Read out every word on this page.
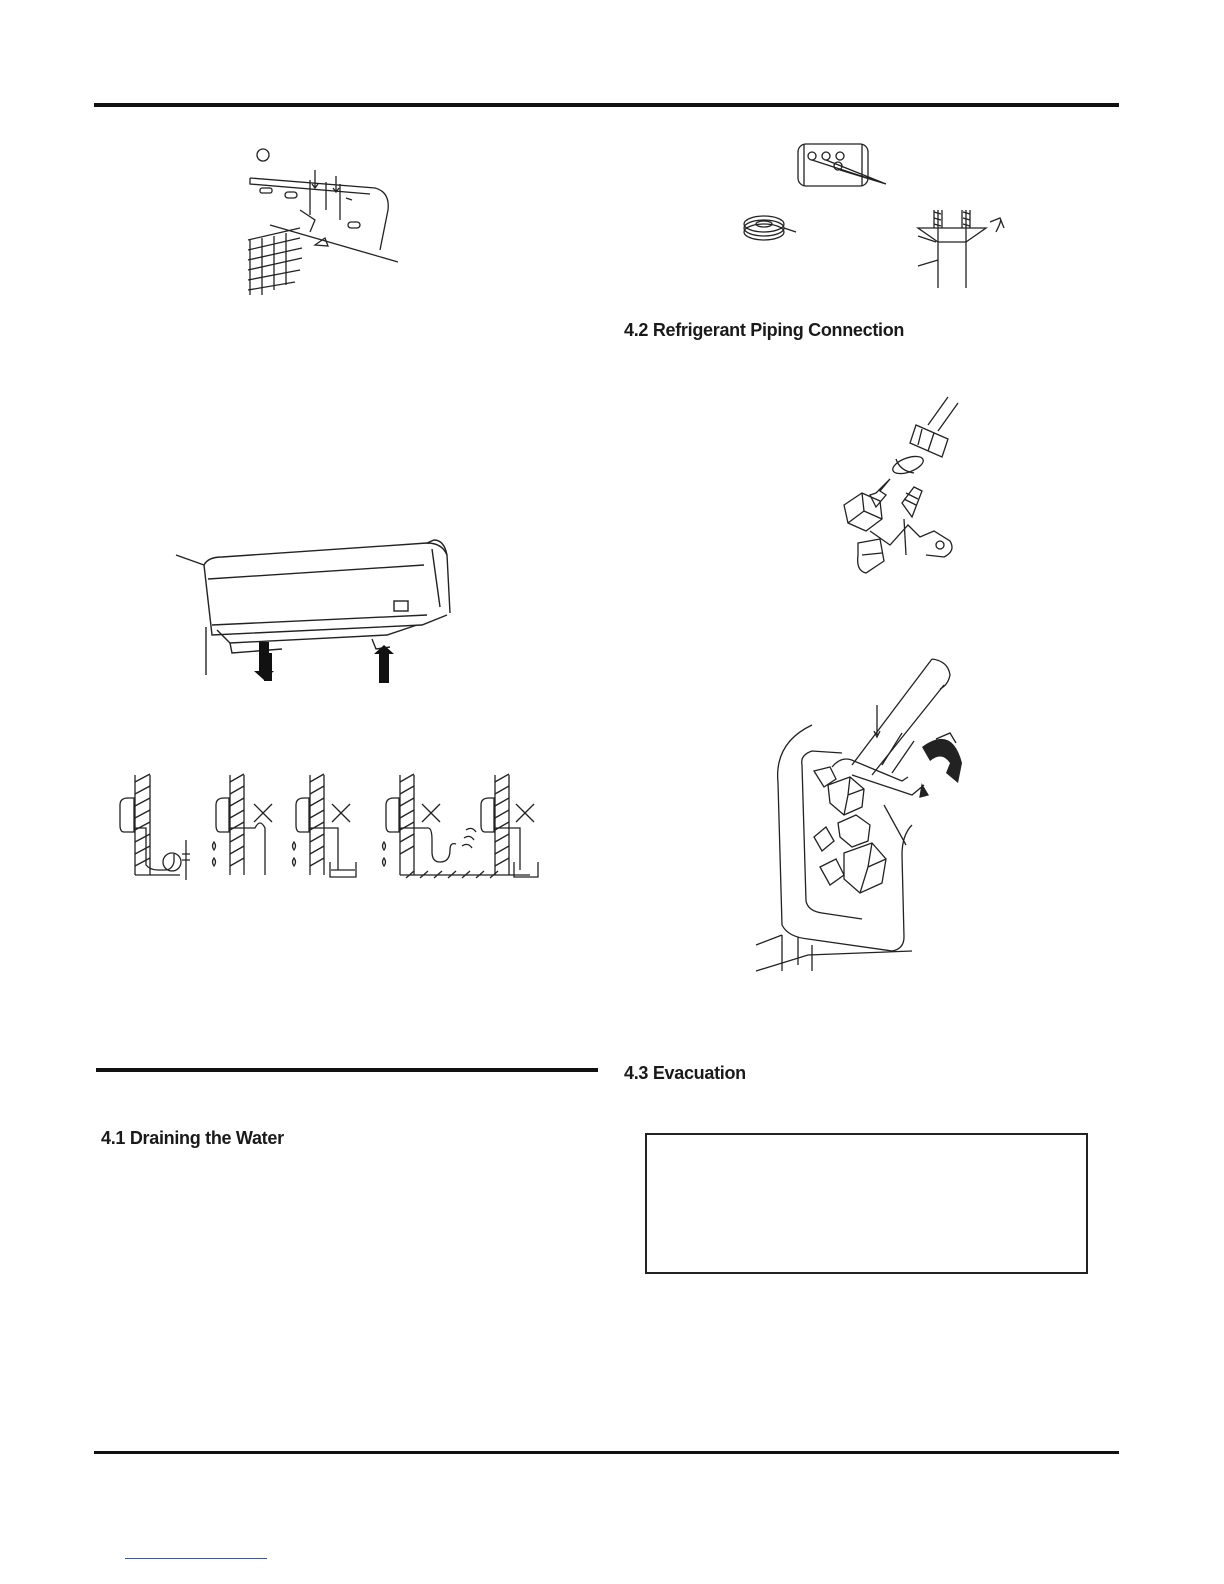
4.2 Refrigerant Piping Connection
4.3 Evacuation
4.1 Draining the Water
